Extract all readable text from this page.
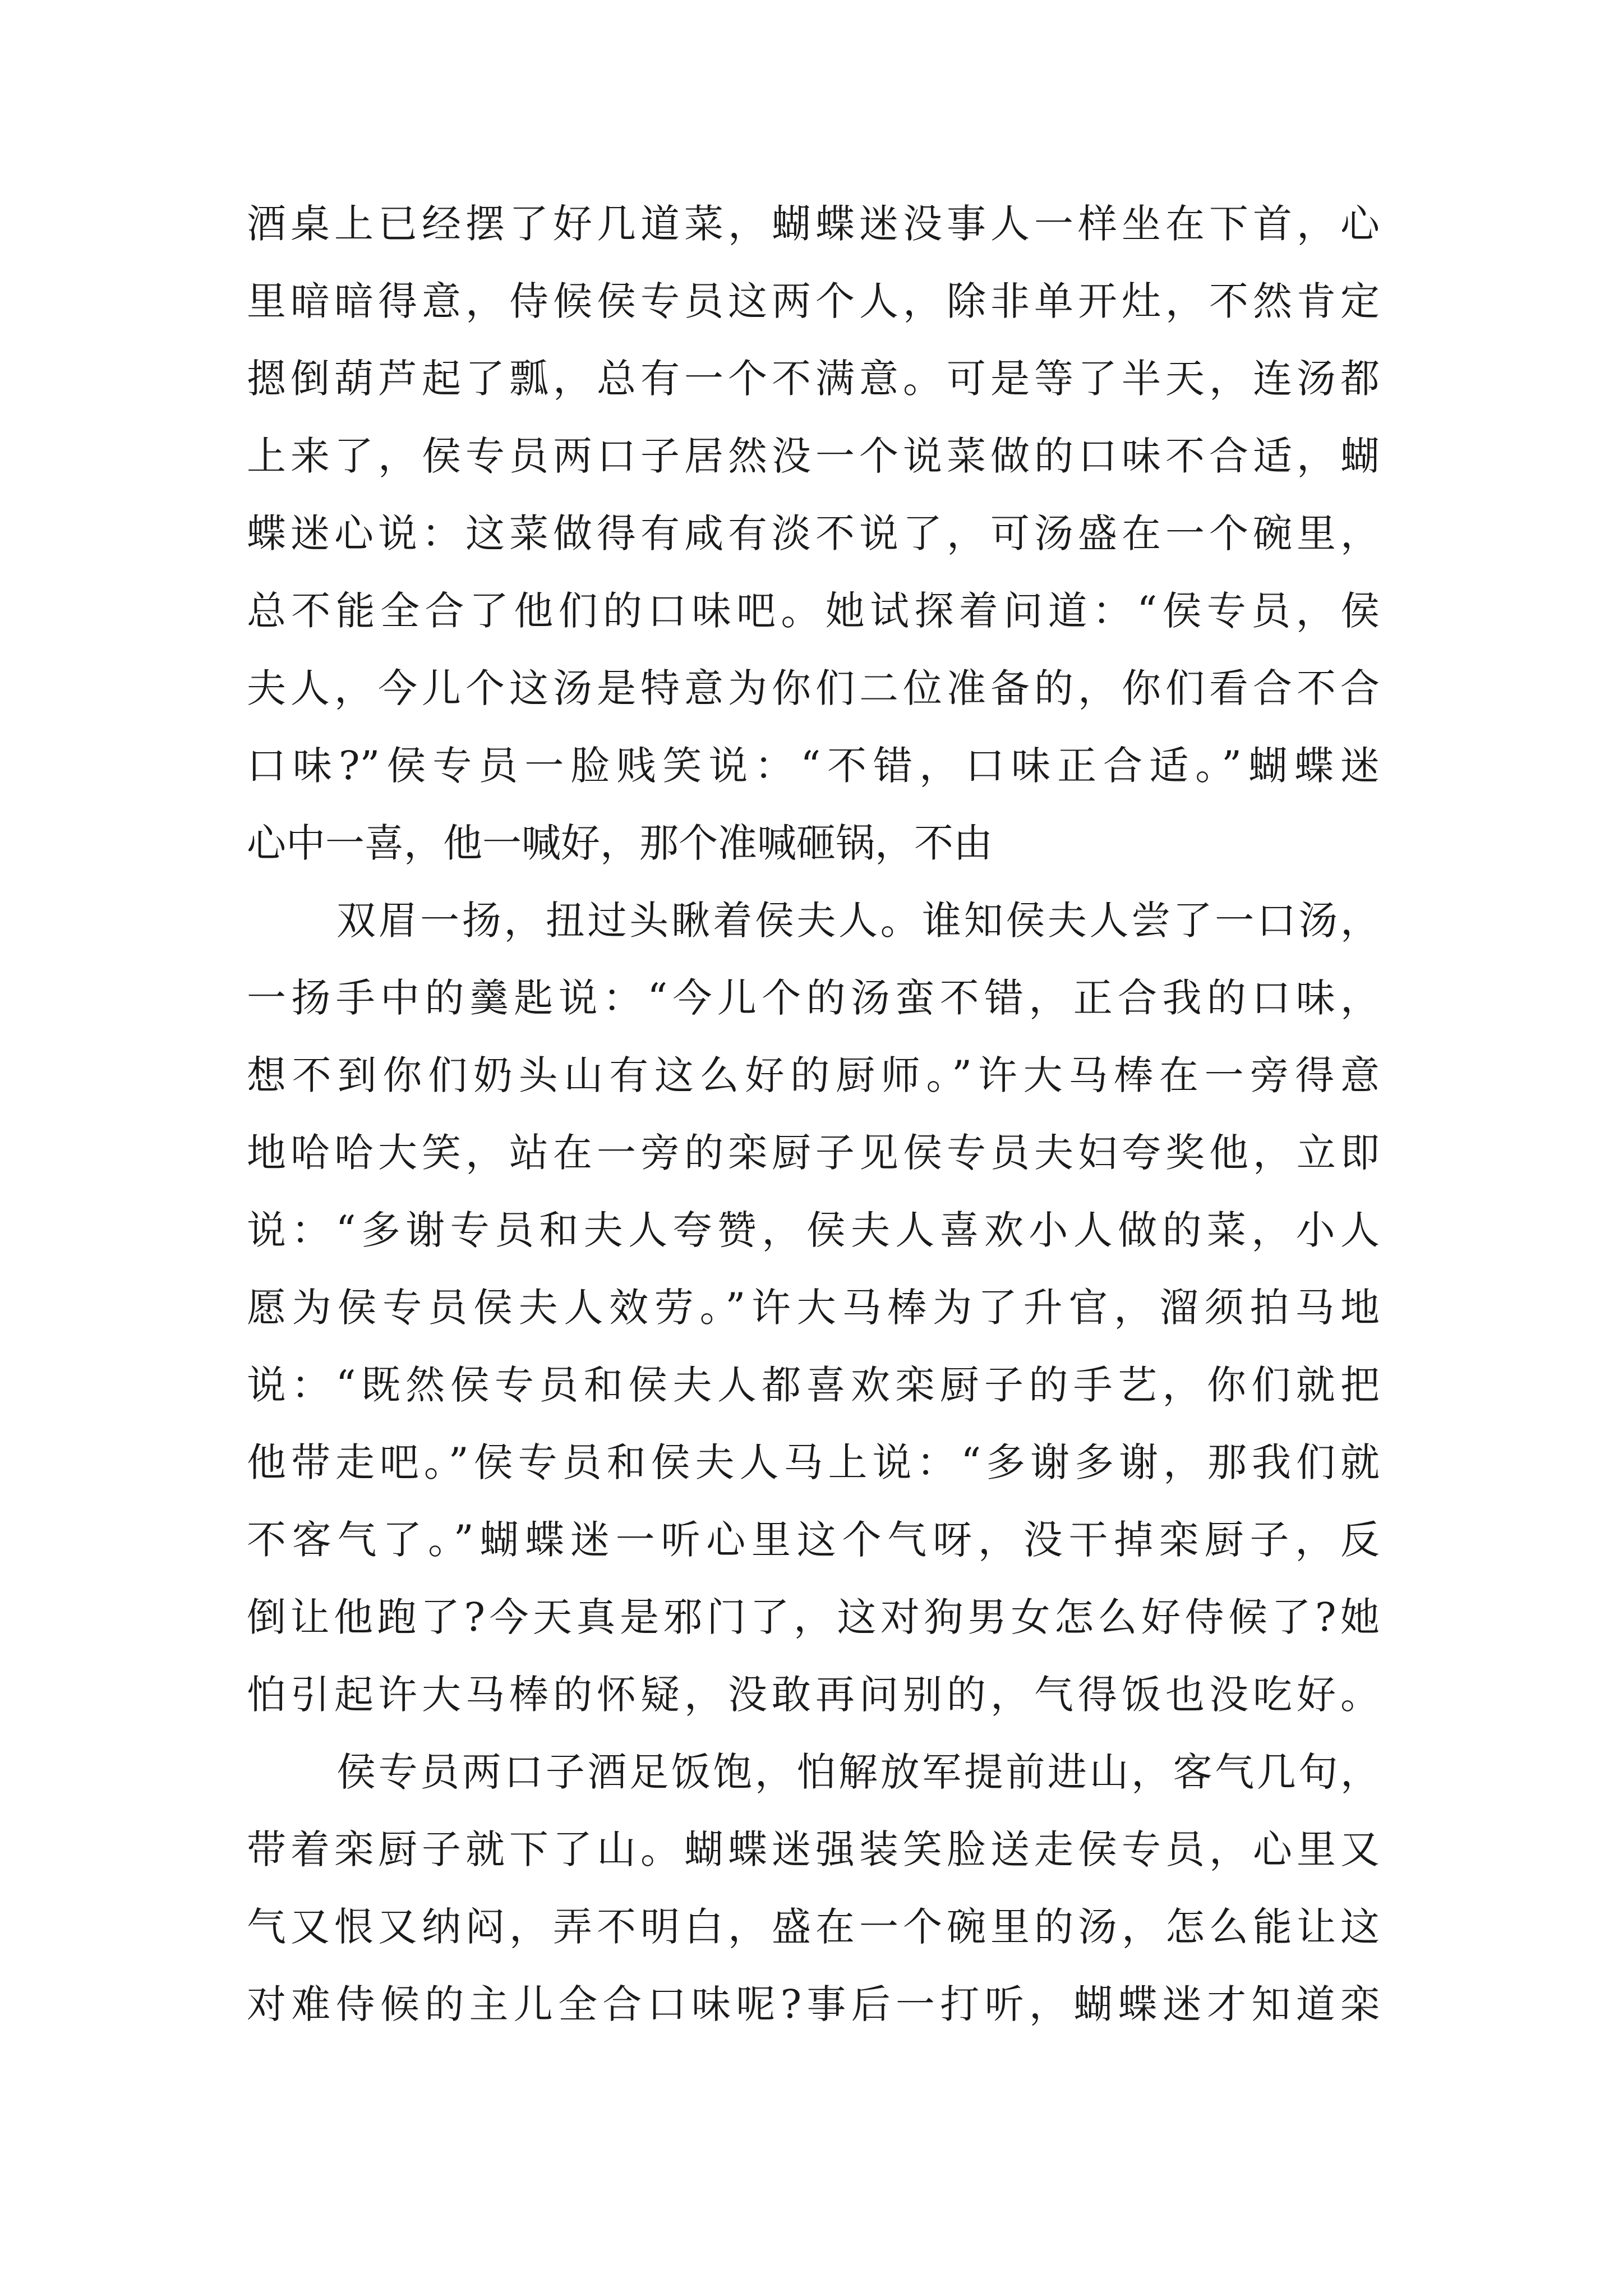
酒桌上已经摆了好几道菜，蝴蝶迷没事人一样坐在下首，心
里暗暗得意，侍候侯专员这两个人，除非单开灶，不然肯定
摁倒葫芦起了瓢，总有一个不满意。可是等了半天，连汤都
上来了，侯专员两口子居然没一个说菜做的口味不合适，蝴
蝶迷心说：这菜做得有咸有淡不说了，可汤盛在一个碗里，
总不能全合了他们的口味吧。她试探着问道：“侯专员，侯
夫人，今儿个这汤是特意为你们二位准备的，你们看合不合
口味?”侯专员一脸贱笑说：“不错，口味正合适。”蝴蝶迷
心中一喜，他一喊好，那个准喊砸锅，不由
双眉一扬，扭过头瞅着侯夫人。谁知侯夫人尝了一口汤，
一扬手中的羹匙说：“今儿个的汤蛮不错，正合我的口味，
想不到你们奶头山有这么好的厨师。”许大马棒在一旁得意
地哈哈大笑，站在一旁的栾厨子见侯专员夫妇夸奖他，立即
说：“多谢专员和夫人夸赞，侯夫人喜欢小人做的菜，小人
愿为侯专员侯夫人效劳。”许大马棒为了升官，溜须拍马地
说：“既然侯专员和侯夫人都喜欢栾厨子的手艺，你们就把
他带走吧。”侯专员和侯夫人马上说：“多谢多谢，那我们就
不客气了。”蝴蝶迷一听心里这个气呀，没干掉栾厨子，反
倒让他跑了?今天真是邪门了，这对狗男女怎么好侍候了?她
怕引起许大马棒的怀疑，没敢再问别的，气得饭也没吃好。
侯专员两口子酒足饭饱，怕解放军提前进山，客气几句，
带着栾厨子就下了山。蝴蝶迷强装笑脸送走侯专员，心里又
气又恨又纳闷，弄不明白，盛在一个碗里的汤，怎么能让这
对难侍候的主儿全合口味呢?事后一打听，蝴蝶迷才知道栾
